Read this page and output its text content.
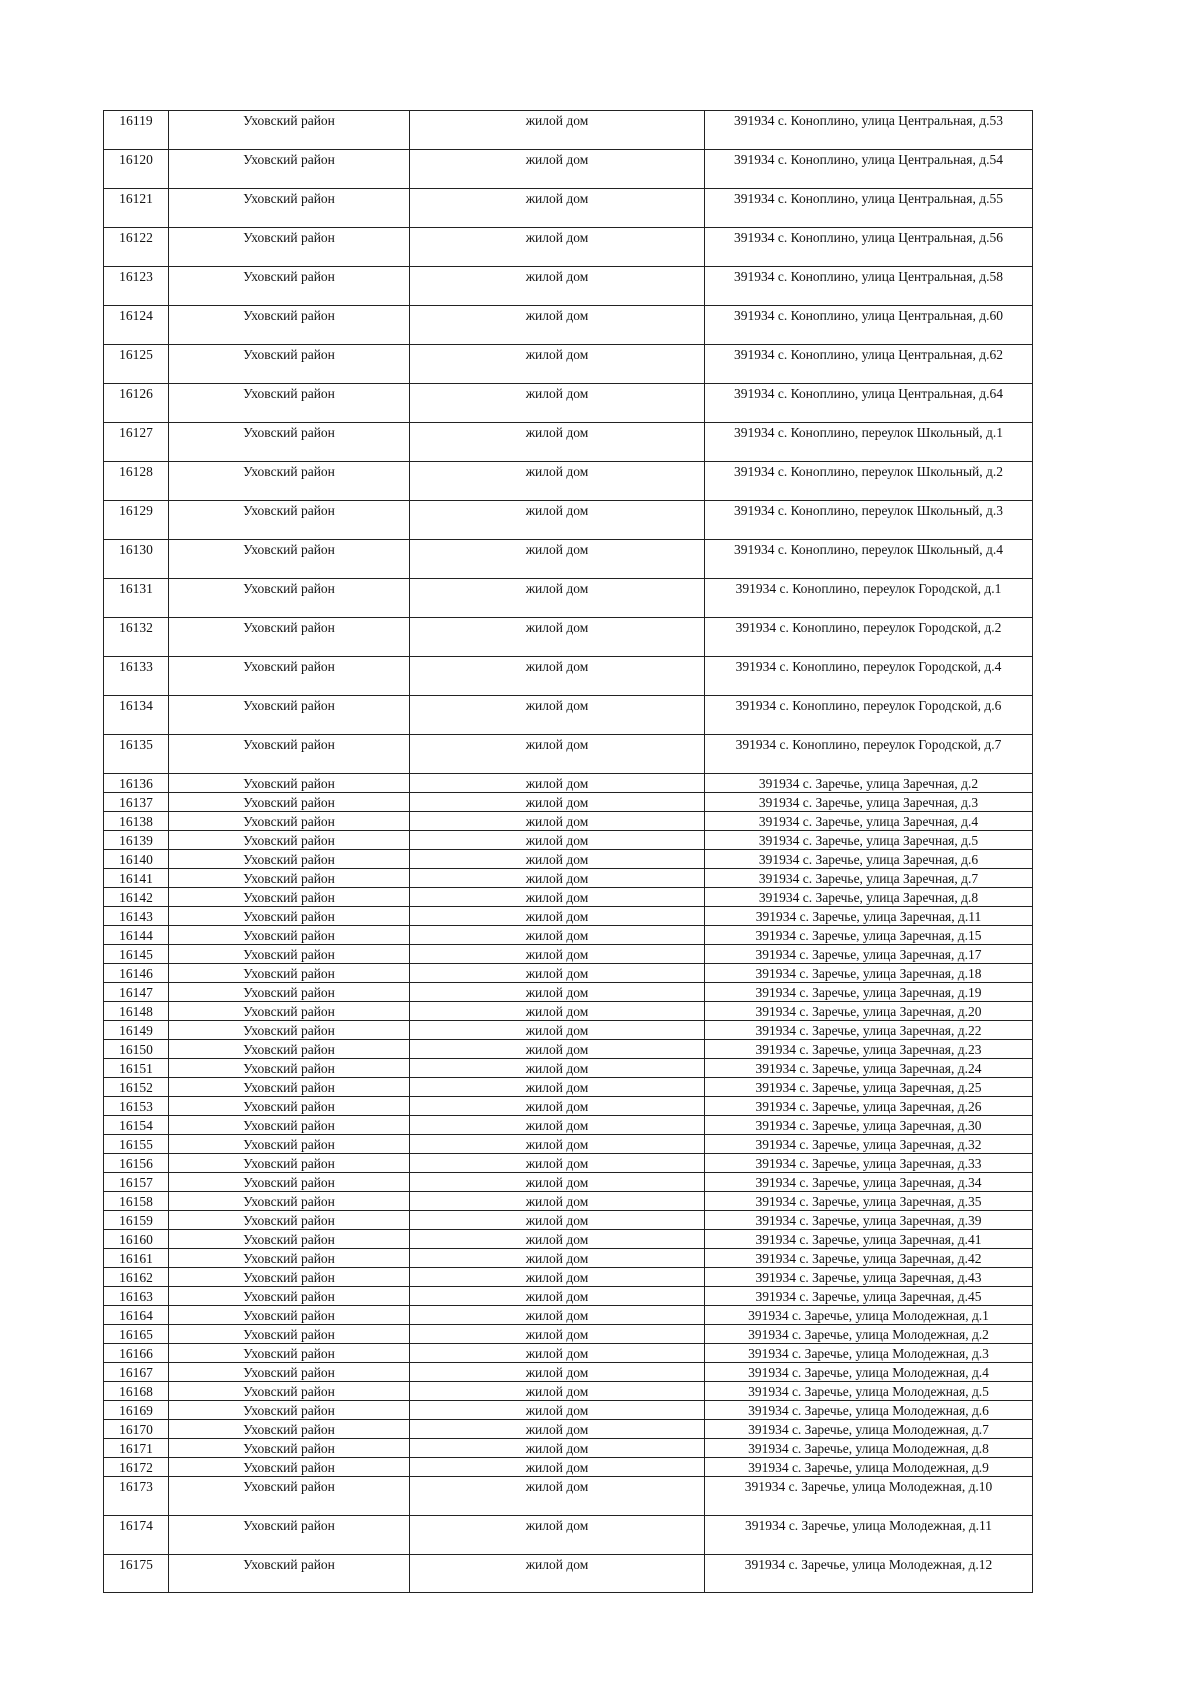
16119	Уховский район	жилой дом	391934 с. Коноплино, улица Центральная, д.53
16120	Уховский район	жилой дом	391934 с. Коноплино, улица Центральная, д.54
16121	Уховский район	жилой дом	391934 с. Коноплино, улица Центральная, д.55
16122	Уховский район	жилой дом	391934 с. Коноплино, улица Центральная, д.56
16123	Уховский район	жилой дом	391934 с. Коноплино, улица Центральная, д.58
16124	Уховский район	жилой дом	391934 с. Коноплино, улица Центральная, д.60
16125	Уховский район	жилой дом	391934 с. Коноплино, улица Центральная, д.62
16126	Уховский район	жилой дом	391934 с. Коноплино, улица Центральная, д.64
16127	Уховский район	жилой дом	391934 с. Коноплино, переулок Школьный, д.1
16128	Уховский район	жилой дом	391934 с. Коноплино, переулок Школьный, д.2
16129	Уховский район	жилой дом	391934 с. Коноплино, переулок Школьный, д.3
16130	Уховский район	жилой дом	391934 с. Коноплино, переулок Школьный, д.4
16131	Уховский район	жилой дом	391934 с. Коноплино, переулок Городской, д.1
16132	Уховский район	жилой дом	391934 с. Коноплино, переулок Городской, д.2
16133	Уховский район	жилой дом	391934 с. Коноплино, переулок Городской, д.4
16134	Уховский район	жилой дом	391934 с. Коноплино, переулок Городской, д.6
16135	Уховский район	жилой дом	391934 с. Коноплино, переулок Городской, д.7
16136	Уховский район	жилой дом	391934 с. Заречье, улица Заречная, д.2
16137	Уховский район	жилой дом	391934 с. Заречье, улица Заречная, д.3
16138	Уховский район	жилой дом	391934 с. Заречье, улица Заречная, д.4
16139	Уховский район	жилой дом	391934 с. Заречье, улица Заречная, д.5
16140	Уховский район	жилой дом	391934 с. Заречье, улица Заречная, д.6
16141	Уховский район	жилой дом	391934 с. Заречье, улица Заречная, д.7
16142	Уховский район	жилой дом	391934 с. Заречье, улица Заречная, д.8
16143	Уховский район	жилой дом	391934 с. Заречье, улица Заречная, д.11
16144	Уховский район	жилой дом	391934 с. Заречье, улица Заречная, д.15
16145	Уховский район	жилой дом	391934 с. Заречье, улица Заречная, д.17
16146	Уховский район	жилой дом	391934 с. Заречье, улица Заречная, д.18
16147	Уховский район	жилой дом	391934 с. Заречье, улица Заречная, д.19
16148	Уховский район	жилой дом	391934 с. Заречье, улица Заречная, д.20
16149	Уховский район	жилой дом	391934 с. Заречье, улица Заречная, д.22
16150	Уховский район	жилой дом	391934 с. Заречье, улица Заречная, д.23
16151	Уховский район	жилой дом	391934 с. Заречье, улица Заречная, д.24
16152	Уховский район	жилой дом	391934 с. Заречье, улица Заречная, д.25
16153	Уховский район	жилой дом	391934 с. Заречье, улица Заречная, д.26
16154	Уховский район	жилой дом	391934 с. Заречье, улица Заречная, д.30
16155	Уховский район	жилой дом	391934 с. Заречье, улица Заречная, д.32
16156	Уховский район	жилой дом	391934 с. Заречье, улица Заречная, д.33
16157	Уховский район	жилой дом	391934 с. Заречье, улица Заречная, д.34
16158	Уховский район	жилой дом	391934 с. Заречье, улица Заречная, д.35
16159	Уховский район	жилой дом	391934 с. Заречье, улица Заречная, д.39
16160	Уховский район	жилой дом	391934 с. Заречье, улица Заречная, д.41
16161	Уховский район	жилой дом	391934 с. Заречье, улица Заречная, д.42
16162	Уховский район	жилой дом	391934 с. Заречье, улица Заречная, д.43
16163	Уховский район	жилой дом	391934 с. Заречье, улица Заречная, д.45
16164	Уховский район	жилой дом	391934 с. Заречье, улица Молодежная, д.1
16165	Уховский район	жилой дом	391934 с. Заречье, улица Молодежная, д.2
16166	Уховский район	жилой дом	391934 с. Заречье, улица Молодежная, д.3
16167	Уховский район	жилой дом	391934 с. Заречье, улица Молодежная, д.4
16168	Уховский район	жилой дом	391934 с. Заречье, улица Молодежная, д.5
16169	Уховский район	жилой дом	391934 с. Заречье, улица Молодежная, д.6
16170	Уховский район	жилой дом	391934 с. Заречье, улица Молодежная, д.7
16171	Уховский район	жилой дом	391934 с. Заречье, улица Молодежная, д.8
16172	Уховский район	жилой дом	391934 с. Заречье, улица Молодежная, д.9
16173	Уховский район	жилой дом	391934 с. Заречье, улица Молодежная, д.10
16174	Уховский район	жилой дом	391934 с. Заречье, улица Молодежная, д.11
16175	Уховский район	жилой дом	391934 с. Заречье, улица Молодежная, д.12
